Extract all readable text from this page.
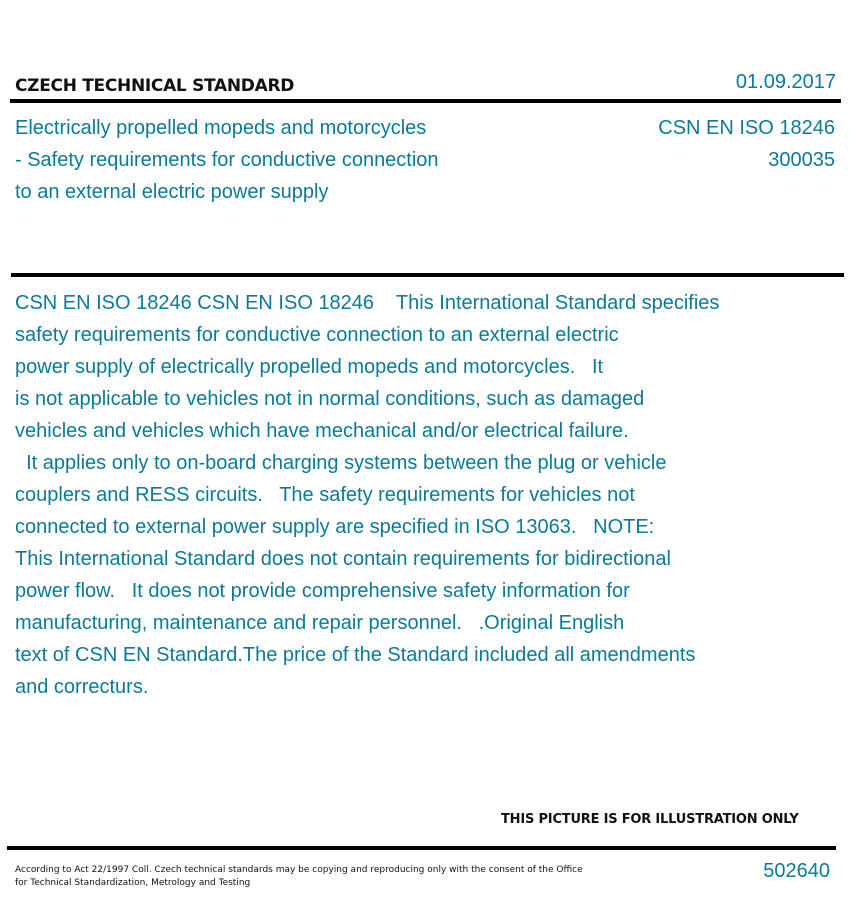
CZECH TECHNICAL STANDARD	01.09.2017
Electrically propelled mopeds and motorcycles
- Safety requirements for conductive connection
to an external electric power supply
CSN EN ISO 18246
300035
CSN EN ISO 18246 CSN EN ISO 18246    This International Standard specifies
safety requirements for conductive connection to an external electric
power supply of electrically propelled mopeds and motorcycles.   It
is not applicable to vehicles not in normal conditions, such as damaged
vehicles and vehicles which have mechanical and/or electrical failure.
It applies only to on-board charging systems between the plug or vehicle
couplers and RESS circuits.   The safety requirements for vehicles not
connected to external power supply are specified in ISO 13063.   NOTE:
This International Standard does not contain requirements for bidirectional
power flow.   It does not provide comprehensive safety information for
manufacturing, maintenance and repair personnel.   .Original English
text of CSN EN Standard.The price of the Standard included all amendments
and correcturs.
THIS PICTURE IS FOR ILLUSTRATION ONLY
According to Act 22/1997 Coll. Czech technical standards may be copying and reproducing only with the consent of the Office
for Technical Standardization, Metrology and Testing
502640
